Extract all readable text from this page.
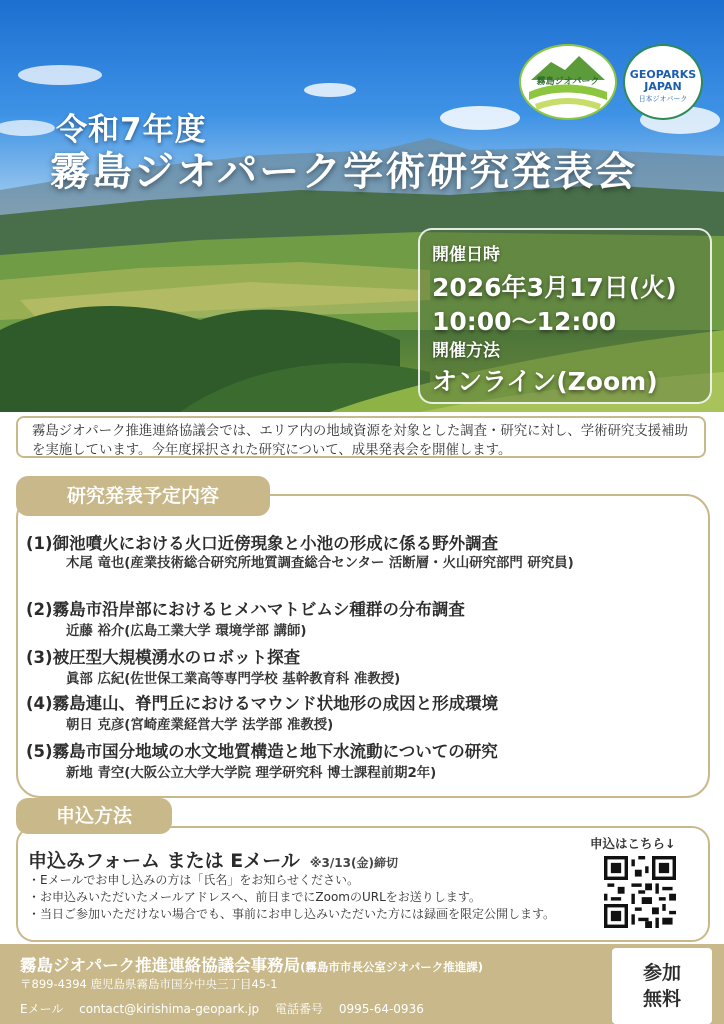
霧島ジオパーク
GEOPARKS
JAPAN
日本ジオパーク
令和7年度
霧島ジオパーク学術研究発表会
開催日時
2026年3月17日(火)
10:00〜12:00
開催方法
オンライン(Zoom)
霧島ジオパーク推進連絡協議会では、エリア内の地域資源を対象とした調査・研究に対し、学術研究支援補助を実施しています。今年度採択された研究について、成果発表会を開催します。
(1)御池噴火における火口近傍現象と小池の形成に係る野外調査
木尾 竜也(産業技術総合研究所地質調査総合センター 活断層・火山研究部門 研究員)
(2)霧島市沿岸部におけるヒメハマトビムシ種群の分布調査
近藤 裕介(広島工業大学 環境学部 講師)
(3)被圧型大規模湧水のロボット探査
眞部 広紀(佐世保工業高等専門学校 基幹教育科 准教授)
(4)霧島連山、脊門丘におけるマウンド状地形の成因と形成環境
朝日 克彦(宮崎産業経営大学 法学部 准教授)
(5)霧島市国分地域の水文地質構造と地下水流動についての研究
新地 青空(大阪公立大学大学院 理学研究科 博士課程前期2年)
研究発表予定内容
申込みフォーム または Eメール ※3/13(金)締切
・Eメールでお申し込みの方は「氏名」をお知らせください。
・お申込みいただいたメールアドレスへ、前日までにZoomのURLをお送りします。
・当日ご参加いただけない場合でも、事前にお申し込みいただいた方には録画を限定公開します。
申込はこちら↓
申込方法
霧島ジオパーク推進連絡協議会事務局(霧島市市長公室ジオパーク推進課)
〒899-4394 鹿児島県霧島市国分中央三丁目45-1
Eメール contact@kirishima-geopark.jp 電話番号 0995-64-0936
参加
無料
